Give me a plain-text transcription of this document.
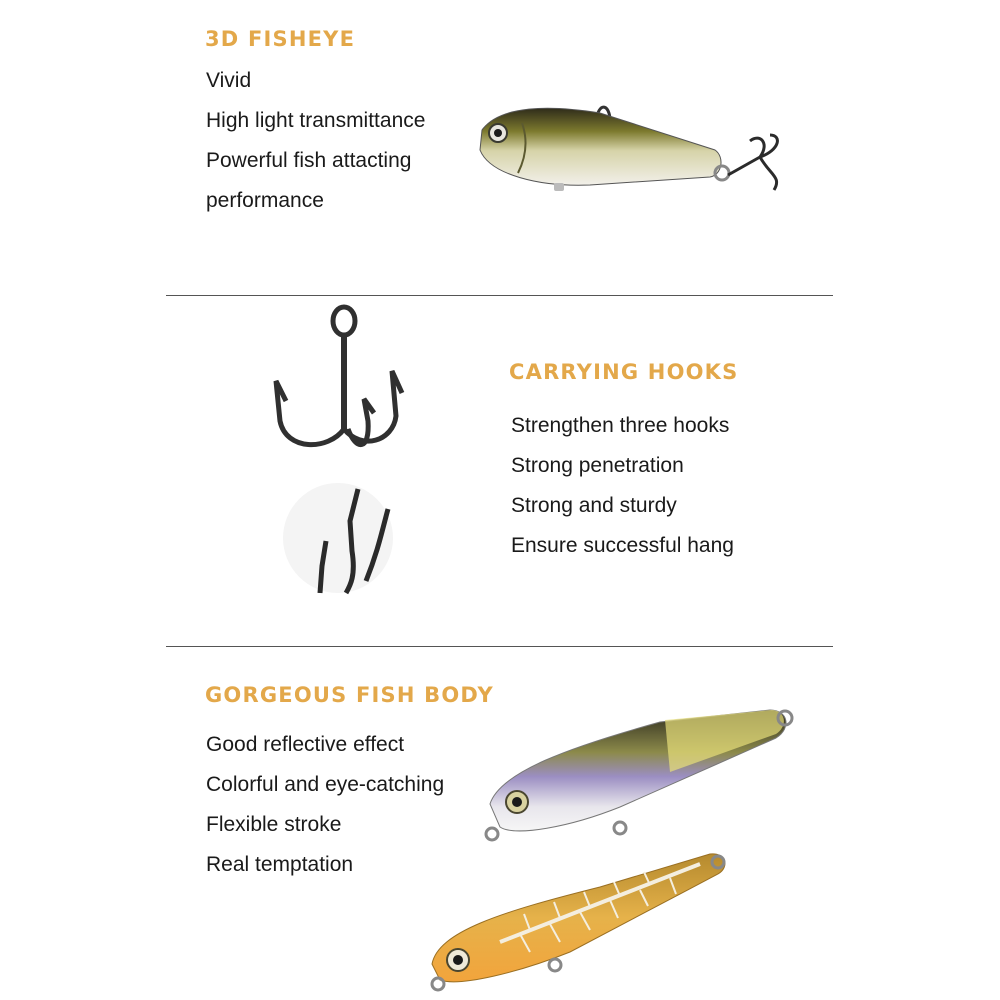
3D FISHEYE
Vivid
High light transmittance
Powerful fish attacting
performance
CARRYING HOOKS
Strengthen three hooks
Strong penetration
Strong and sturdy
Ensure successful hang
GORGEOUS FISH BODY
Good reflective effect
Colorful and eye-catching
Flexible stroke
Real temptation
